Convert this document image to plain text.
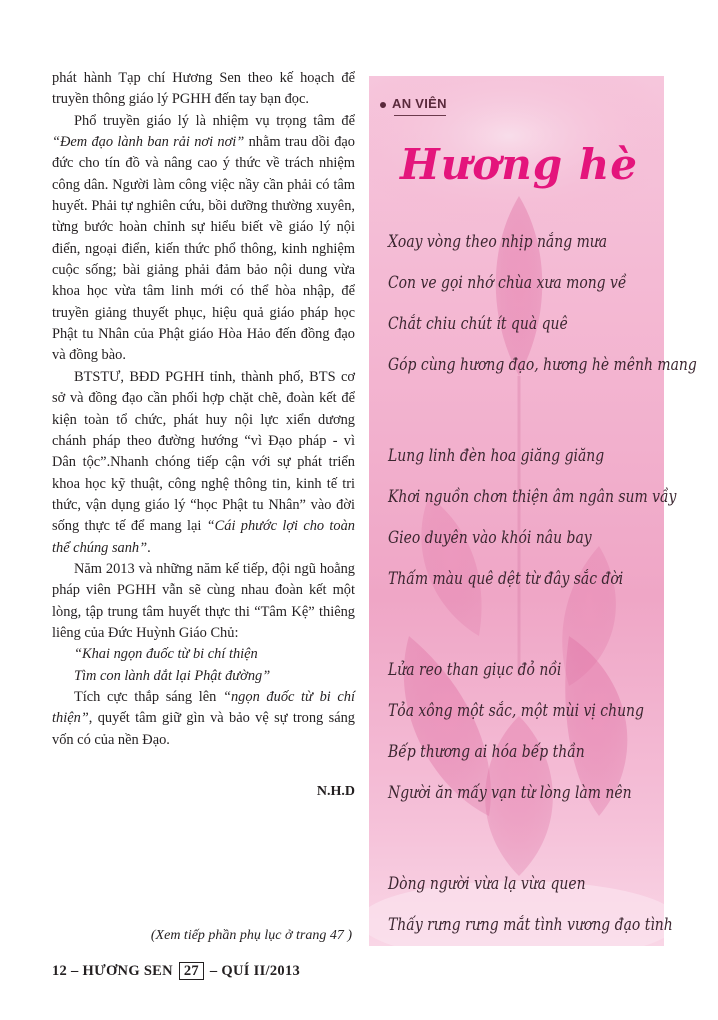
phát hành Tạp chí Hương Sen theo kế hoạch để truyền thông giáo lý PGHH đến tay bạn đọc.

Phổ truyền giáo lý là nhiệm vụ trọng tâm để “Đem đạo lành ban rải nơi nơi” nhằm trau dồi đạo đức cho tín đồ và nâng cao ý thức về trách nhiệm công dân. Người làm công việc nầy cần phải có tâm huyết. Phải tự nghiên cứu, bồi dưỡng thường xuyên, từng bước hoàn chỉnh sự hiểu biết về giáo lý nội điển, ngoại điển, kiến thức phổ thông, kinh nghiệm cuộc sống; bài giảng phải đảm bảo nội dung vừa khoa học vừa tâm linh mới có thể hòa nhập, để truyền giảng thuyết phục, hiệu quả giáo pháp học Phật tu Nhân của Phật giáo Hòa Hảo đến đồng đạo và đồng bào.

BTSTƯ, BĐD PGHH tỉnh, thành phố, BTS cơ sở và đồng đạo cần phối hợp chặt chẽ, đoàn kết để kiện toàn tổ chức, phát huy nội lực xiển dương chánh pháp theo đường hướng “vì Đạo pháp - vì Dân tộc”.Nhanh chóng tiếp cận với sự phát triển khoa học kỹ thuật, công nghệ thông tin, kinh tế tri thức, vận dụng giáo lý “học Phật tu Nhân” vào đời sống thực tế để mang lại “Cái phước lợi cho toàn thể chúng sanh”.

Năm 2013 và những năm kế tiếp, đội ngũ hoằng pháp viên PGHH vẫn sẽ cùng nhau đoàn kết một lòng, tập trung tâm huyết thực thi “Tâm Kệ” thiêng liêng của Đức Huỳnh Giáo Chủ:

“Khai ngọn đuốc từ bi chí thiện

Tìm con lành dắt lại Phật đường”

Tích cực thắp sáng lên “ngọn đuốc từ bi chí thiện”, quyết tâm giữ gìn và bảo vệ sự trong sáng vốn có của nền Đạo.

N.H.D

(Xem tiếp phần phụ lục ở trang 47 )
12 – HƯƠNG SEN 27 – QUÍ II/2013
AN VIÊN
Hương hè
Xoay vòng theo nhịp nắng mưa
Con ve gọi nhớ chùa xưa mong về
Chắt chiu chút ít quà quê
Góp cùng hương đạo, hương hè mênh mang
Lung linh đèn hoa giăng giăng
Khơi nguồn chơn thiện âm ngân sum vầy
Gieo duyên vào khói nâu bay
Thấm màu quê dệt từ đây sắc đời
Lửa reo than giục đỏ nồi
Tỏa xông một sắc, một mùi vị chung
Bếp thương ai hóa bếp thần
Người ăn mấy vạn từ lòng làm nên
Dòng người vừa lạ vừa quen
Thấy rưng rưng mắt tình vương đạo tình
